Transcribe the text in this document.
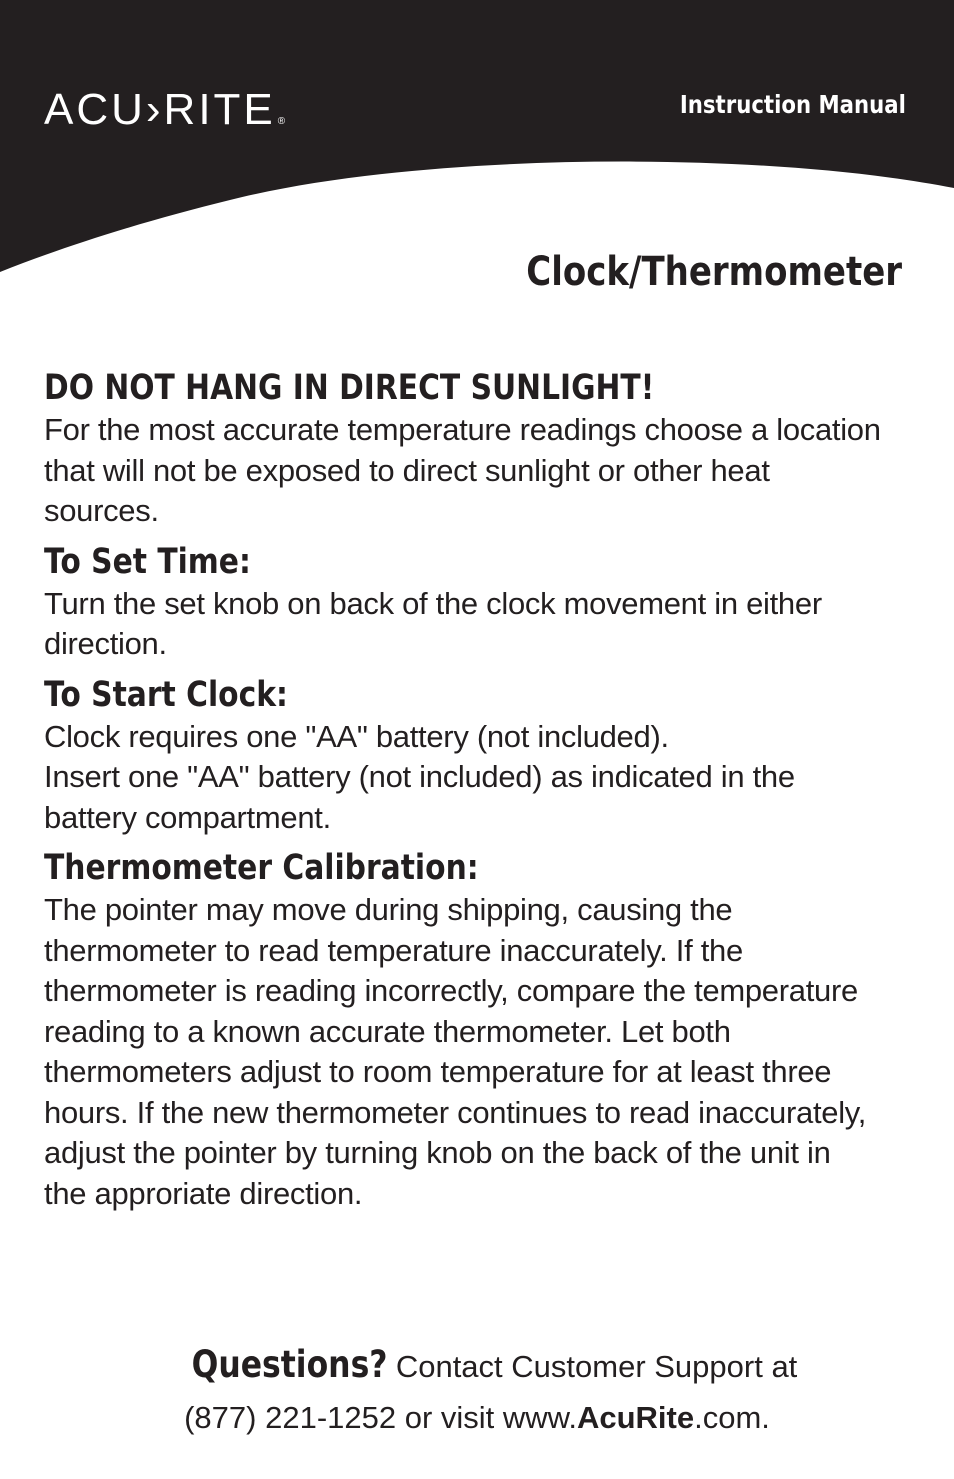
ACU›RITE ®
Instruction Manual
Clock/Thermometer
DO NOT HANG IN DIRECT SUNLIGHT!

For the most accurate temperature readings choose a location
that will not be exposed to direct sunlight or other heat
sources.

To Set Time:

Turn the set knob on back of the clock movement in either
direction.

To Start Clock:

Clock requires one "AA" battery (not included).
Insert one "AA" battery (not included) as indicated in the
battery compartment.

Thermometer Calibration:

The pointer may move during shipping, causing the
thermometer to read temperature inaccurately. If the
thermometer is reading incorrectly, compare the temperature
reading to a known accurate thermometer. Let both
thermometers adjust to room temperature for at least three
hours. If the new thermometer continues to read inaccurately,
adjust the pointer by turning knob on the back of the unit in
the approriate direction.

Questions? Contact Customer Support at
(877) 221-1252 or visit www.AcuRite.com.
